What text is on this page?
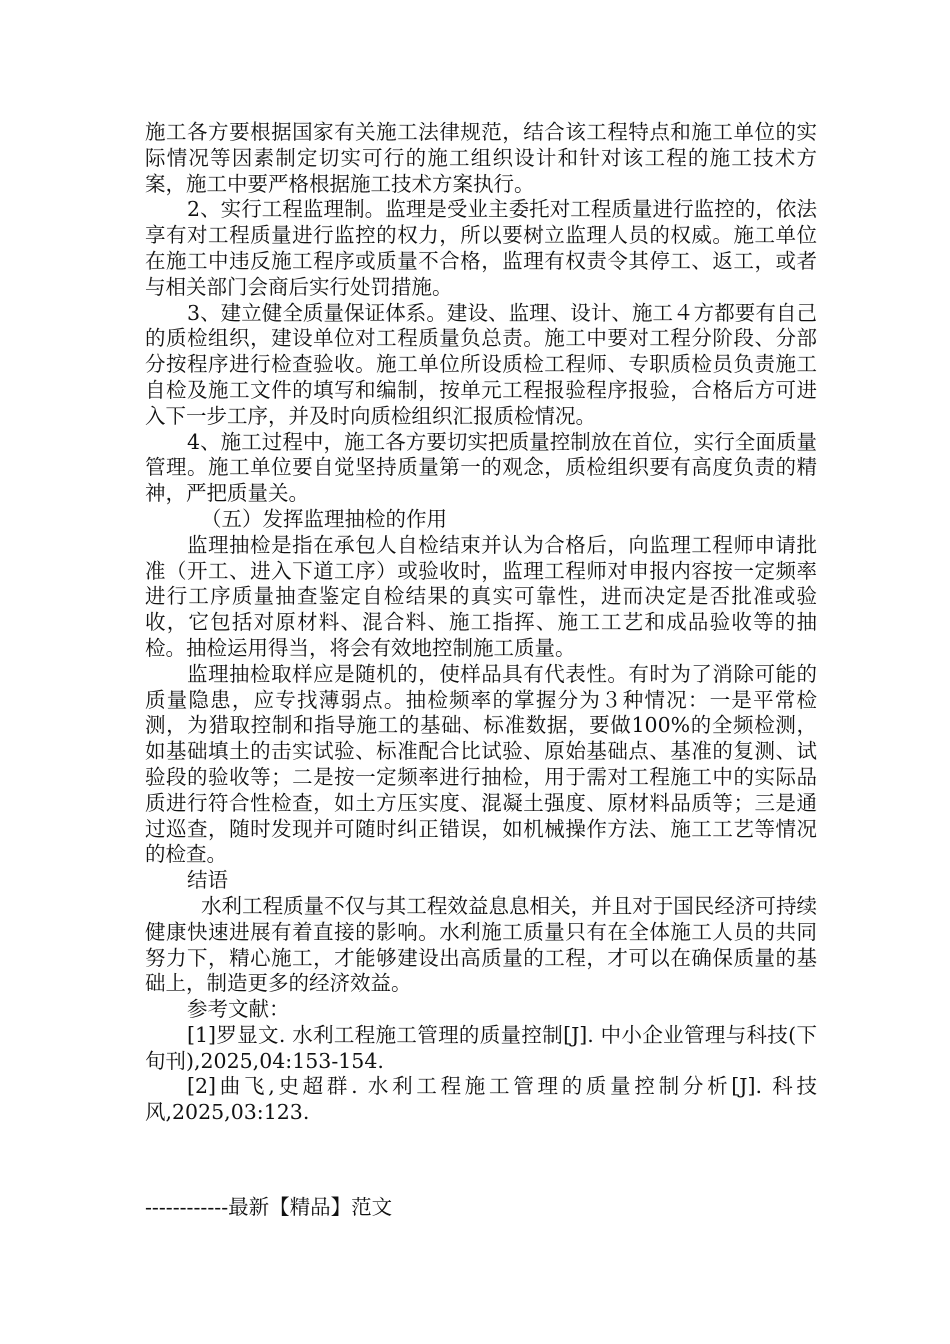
施工各方要根据国家有关施工法律规范，结合该工程特点和施工单位的实际情况等因素制定切实可行的施工组织设计和针对该工程的施工技术方案，施工中要严格根据施工技术方案执行。

2、实行工程监理制。监理是受业主委托对工程质量进行监控的，依法享有对工程质量进行监控的权力，所以要树立监理人员的权威。施工单位在施工中违反施工程序或质量不合格，监理有权责令其停工、返工，或者与相关部门会商后实行处罚措施。

3、建立健全质量保证体系。建设、监理、设计、施工４方都要有自己的质检组织，建设单位对工程质量负总责。施工中要对工程分阶段、分部分按程序进行检查验收。施工单位所设质检工程师、专职质检员负责施工自检及施工文件的填写和编制，按单元工程报验程序报验，合格后方可进入下一步工序，并及时向质检组织汇报质检情况。

4、施工过程中，施工各方要切实把质量控制放在首位，实行全面质量管理。施工单位要自觉坚持质量第一的观念，质检组织要有高度负责的精神，严把质量关。

（五）发挥监理抽检的作用

监理抽检是指在承包人自检结束并认为合格后，向监理工程师申请批准（开工、进入下道工序）或验收时，监理工程师对申报内容按一定频率进行工序质量抽查鉴定自检结果的真实可靠性，进而决定是否批准或验收，它包括对原材料、混合料、施工指挥、施工工艺和成品验收等的抽检。抽检运用得当，将会有效地控制施工质量。

监理抽检取样应是随机的，使样品具有代表性。有时为了消除可能的质量隐患，应专找薄弱点。抽检频率的掌握分为３种情况：一是平常检测，为猎取控制和指导施工的基础、标准数据，要做100%的全频检测，如基础填土的击实试验、标准配合比试验、原始基础点、基准的复测、试验段的验收等；二是按一定频率进行抽检，用于需对工程施工中的实际品质进行符合性检查，如土方压实度、混凝土强度、原材料品质等；三是通过巡查，随时发现并可随时纠正错误，如机械操作方法、施工工艺等情况的检查。

结语

水利工程质量不仅与其工程效益息息相关，并且对于国民经济可持续健康快速进展有着直接的影响。水利施工质量只有在全体施工人员的共同努力下，精心施工，才能够建设出高质量的工程，才可以在确保质量的基础上，制造更多的经济效益。

参考文献：

[1]罗显文. 水利工程施工管理的质量控制[J]. 中小企业管理与科技(下旬刊),2025,04:153-154.

[2]曲飞,史超群. 水利工程施工管理的质量控制分析[J]. 科技风,2025,03:123.

------------最新【精品】范文
